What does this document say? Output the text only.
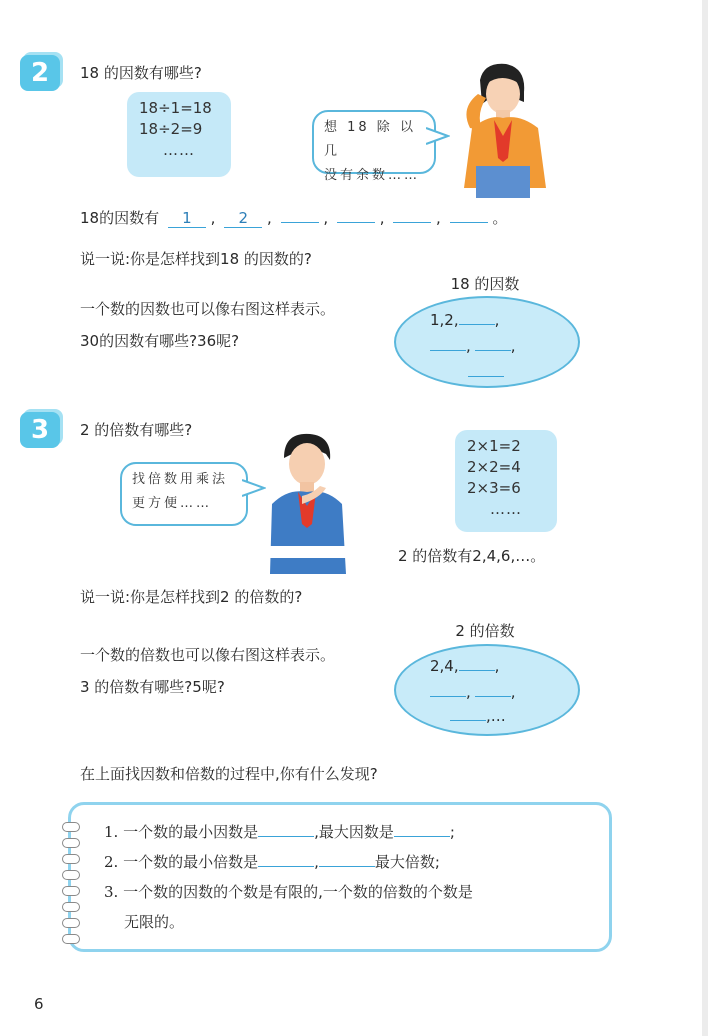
2	18 的因数有哪些?
18÷1=18
18÷2=9
……
想 18 除 以 几
没有余数……
18的因数有 1 , 2 ,	,	,	,	。
说一说:你是怎样找到18 的因数的?
一个数的因数也可以像右图这样表示。
30的因数有哪些?36呢?
18 的因数
1,2, ,
,	,
3	2 的倍数有哪些?
找倍数用乘法
更方便……
2×1=2
2×2=4
2×3=6
……
2 的倍数有2,4,6,…。
说一说:你是怎样找到2 的倍数的?
一个数的倍数也可以像右图这样表示。
3 的倍数有哪些?5呢?
2 的倍数
2,4, ,
,	,
,…
在上面找因数和倍数的过程中,你有什么发现?
1. 一个数的最小因数是	,最大因数是	;
2. 一个数的最小倍数是	,	最大倍数;
3. 一个数的因数的个数是有限的,一个数的倍数的个数是
无限的。
6
